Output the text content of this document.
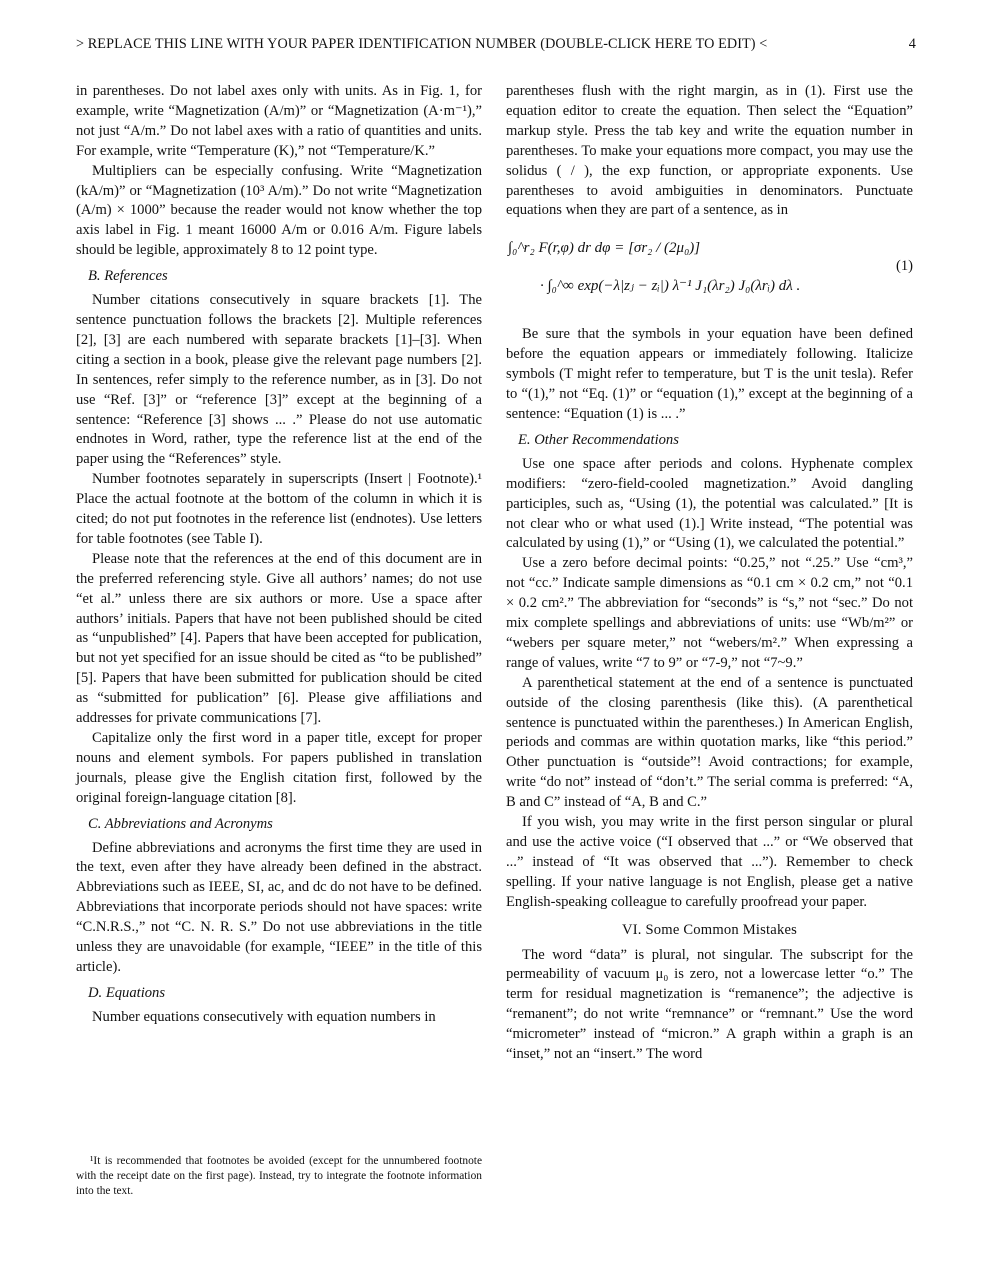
> REPLACE THIS LINE WITH YOUR PAPER IDENTIFICATION NUMBER (DOUBLE-CLICK HERE TO EDIT) <	4

in parentheses. Do not label axes only with units. As in Fig. 1, for example, write “Magnetization (A/m)” or “Magnetization (A·m⁻¹),” not just “A/m.” Do not label axes with a ratio of quantities and units. For example, write “Temperature (K),” not “Temperature/K.”

Multipliers can be especially confusing. Write “Magnetization (kA/m)” or “Magnetization (10³ A/m).” Do not write “Magnetization (A/m) × 1000” because the reader would not know whether the top axis label in Fig. 1 meant 16000 A/m or 0.016 A/m. Figure labels should be legible, approximately 8 to 12 point type.

B. References

Number citations consecutively in square brackets [1]. The sentence punctuation follows the brackets [2]. Multiple references [2], [3] are each numbered with separate brackets [1]–[3]. When citing a section in a book, please give the relevant page numbers [2]. In sentences, refer simply to the reference number, as in [3]. Do not use “Ref. [3]” or “reference [3]” except at the beginning of a sentence: “Reference [3] shows ... .” Please do not use automatic endnotes in Word, rather, type the reference list at the end of the paper using the “References” style.

Number footnotes separately in superscripts (Insert | Footnote).¹ Place the actual footnote at the bottom of the column in which it is cited; do not put footnotes in the reference list (endnotes). Use letters for table footnotes (see Table I).

Please note that the references at the end of this document are in the preferred referencing style. Give all authors’ names; do not use “et al.” unless there are six authors or more. Use a space after authors’ initials. Papers that have not been published should be cited as “unpublished” [4]. Papers that have been accepted for publication, but not yet specified for an issue should be cited as “to be published” [5]. Papers that have been submitted for publication should be cited as “submitted for publication” [6]. Please give affiliations and addresses for private communications [7].

Capitalize only the first word in a paper title, except for proper nouns and element symbols. For papers published in translation journals, please give the English citation first, followed by the original foreign-language citation [8].

C. Abbreviations and Acronyms

Define abbreviations and acronyms the first time they are used in the text, even after they have already been defined in the abstract. Abbreviations such as IEEE, SI, ac, and dc do not have to be defined. Abbreviations that incorporate periods should not have spaces: write “C.N.R.S.,” not “C. N. R. S.” Do not use abbreviations in the title unless they are unavoidable (for example, “IEEE” in the title of this article).

D. Equations

Number equations consecutively with equation numbers in

¹It is recommended that footnotes be avoided (except for the unnumbered footnote with the receipt date on the first page). Instead, try to integrate the footnote information into the text.

parentheses flush with the right margin, as in (1). First use the equation editor to create the equation. Then select the “Equation” markup style. Press the tab key and write the equation number in parentheses. To make your equations more compact, you may use the solidus ( / ), the exp function, or appropriate exponents. Use parentheses to avoid ambiguities in denominators. Punctuate equations when they are part of a sentence, as in

∫₀^r₂ F(r,φ) dr dφ = [σr₂ / (2μ₀)]
· ∫₀^∞ exp(−λ|zⱼ − zᵢ|) λ⁻¹ J₁(λr₂) J₀(λrᵢ) dλ .
(1)

Be sure that the symbols in your equation have been defined before the equation appears or immediately following. Italicize symbols (T might refer to temperature, but T is the unit tesla). Refer to “(1),” not “Eq. (1)” or “equation (1),” except at the beginning of a sentence: “Equation (1) is ... .”

E. Other Recommendations

Use one space after periods and colons. Hyphenate complex modifiers: “zero-field-cooled magnetization.” Avoid dangling participles, such as, “Using (1), the potential was calculated.” [It is not clear who or what used (1).] Write instead, “The potential was calculated by using (1),” or “Using (1), we calculated the potential.”

Use a zero before decimal points: “0.25,” not “.25.” Use “cm³,” not “cc.” Indicate sample dimensions as “0.1 cm × 0.2 cm,” not “0.1 × 0.2 cm².” The abbreviation for “seconds” is “s,” not “sec.” Do not mix complete spellings and abbreviations of units: use “Wb/m²” or “webers per square meter,” not “webers/m².” When expressing a range of values, write “7 to 9” or “7-9,” not “7~9.”

A parenthetical statement at the end of a sentence is punctuated outside of the closing parenthesis (like this). (A parenthetical sentence is punctuated within the parentheses.) In American English, periods and commas are within quotation marks, like “this period.” Other punctuation is “outside”! Avoid contractions; for example, write “do not” instead of “don’t.” The serial comma is preferred: “A, B and C” instead of “A, B and C.”

If you wish, you may write in the first person singular or plural and use the active voice (“I observed that ...” or “We observed that ...” instead of “It was observed that ...”). Remember to check spelling. If your native language is not English, please get a native English-speaking colleague to carefully proofread your paper.

VI. Some Common Mistakes

The word “data” is plural, not singular. The subscript for the permeability of vacuum μ₀ is zero, not a lowercase letter “o.” The term for residual magnetization is “remanence”; the adjective is “remanent”; do not write “remnance” or “remnant.” Use the word “micrometer” instead of “micron.” A graph within a graph is an “inset,” not an “insert.” The word
